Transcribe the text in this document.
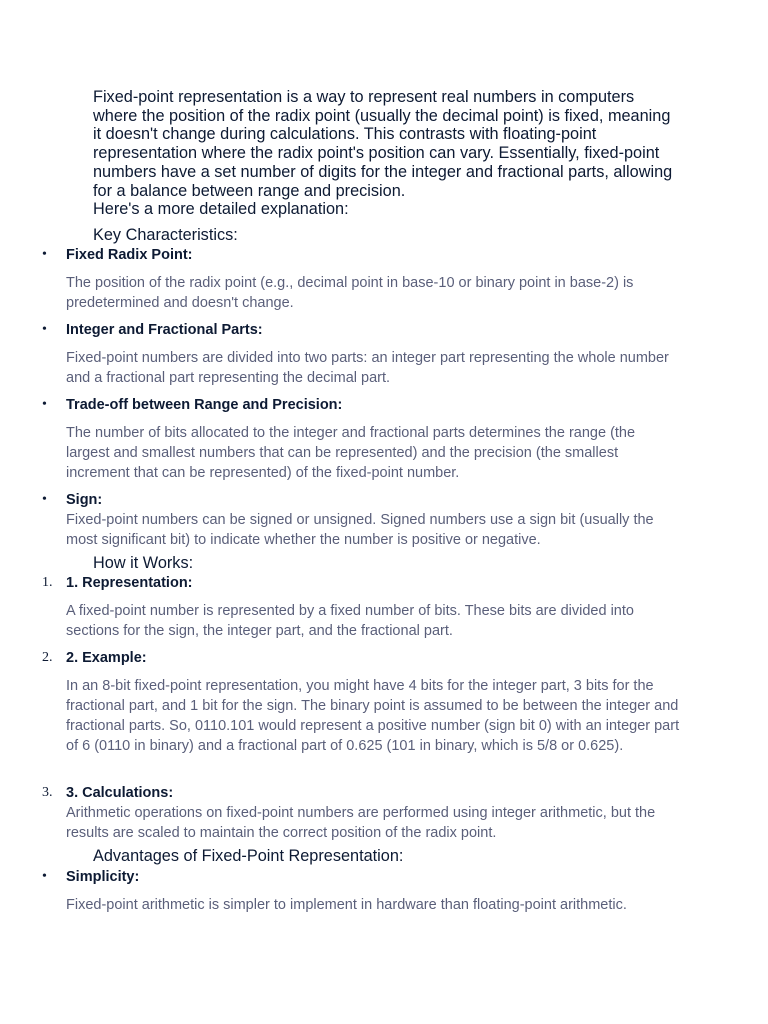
Fixed-point representation is a way to represent real numbers in computers where the position of the radix point (usually the decimal point) is fixed, meaning it doesn't change during calculations. This contrasts with floating-point representation where the radix point's position can vary. Essentially, fixed-point numbers have a set number of digits for the integer and fractional parts, allowing for a balance between range and precision.

Here's a more detailed explanation:

Key Characteristics:
•	Fixed Radix Point:

The position of the radix point (e.g., decimal point in base-10 or binary point in base-2) is predetermined and doesn't change.

•	Integer and Fractional Parts:

Fixed-point numbers are divided into two parts: an integer part representing the whole number and a fractional part representing the decimal part.

•	Trade-off between Range and Precision:

The number of bits allocated to the integer and fractional parts determines the range (the largest and smallest numbers that can be represented) and the precision (the smallest increment that can be represented) of the fixed-point number.

•	Sign:

Fixed-point numbers can be signed or unsigned. Signed numbers use a sign bit (usually the most significant bit) to indicate whether the number is positive or negative.

How it Works:
1. 1. Representation:

A fixed-point number is represented by a fixed number of bits. These bits are divided into sections for the sign, the integer part, and the fractional part.

2. 2. Example:

In an 8-bit fixed-point representation, you might have 4 bits for the integer part, 3 bits for the fractional part, and 1 bit for the sign. The binary point is assumed to be between the integer and fractional parts. So, 0110.101 would represent a positive number (sign bit 0) with an integer part of 6 (0110 in binary) and a fractional part of 0.625 (101 in binary, which is 5/8 or 0.625).

3. 3. Calculations:

Arithmetic operations on fixed-point numbers are performed using integer arithmetic, but the results are scaled to maintain the correct position of the radix point.

Advantages of Fixed-Point Representation:
•	Simplicity:

Fixed-point arithmetic is simpler to implement in hardware than floating-point arithmetic.
